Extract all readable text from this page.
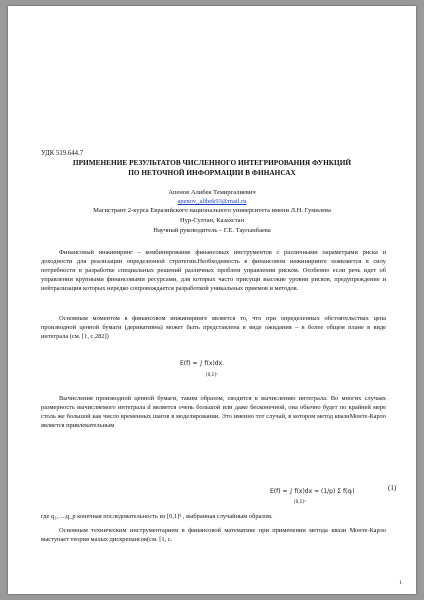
УДК 519.644.7
ПРИМЕНЕНИЕ РЕЗУЛЬТАТОВ ЧИСЛЕННОГО ИНТЕГРИРОВАНИЯ ФУНКЦИЙ
ПО НЕТОЧНОЙ ИНФОРМАЦИИ В ФИНАНСАХ
Апенов Алибек Темиргалиевич
apenov_alibek93@mail.ru
Магистрант 2-курса Евразийского национального университета имени Л.Н. Гумилева
Нур-Султан, Казахстан
Научный руководитель – Г.Е. Таугынбаева
Финансовый инжиниринг – комбинирование финансовых инструментов с различными параметрами риска и доходности для реализации определенной стратегии.Необходимость в финансовом инжиниринге появляется в силу потребности в разработке специальных решений различных проблем управления риском. Особенно если речь идет об управлении крупными финансовыми ресурсами, для которых часто присущи высокие уровни рисков, предупреждение и нейтрализация которых нередко сопровождается разработкой уникальных приемов и методов.
Основным моментом в финансовом инжиниринге является то, что при определенных обстоятельствах цена производной ценной бумаги (деривативна) может быть представлена в виде ожидания – в более общем плане в виде интеграла (см. [1, с.282])
E(f) = ∫ f(x)dx.
[0,1]ᵈ
Вычисления производной ценной бумаги, таким образом, сводится к вычислению интеграла. Во многих случаях размерность вычисляемого интеграла d является очень большой или даже бесконечной, она обычно будет по крайней мере столь же большой как число временных шагов в моделировании. Это именно тот случай, в котором метод квазиМонте-Карло является привлекательным
E(f) = ∫ f(x)dx ≈ (1/p) Σ f(qᵢ)
[0,1]ᵈ
(1)
где q₁,…,q_p конечная последовательность из [0,1]ᵈ , выбранная случайным образом.
Основным техническим инструментарием в финансовой математике при применении метода квази Монте-Карло выступает теория малых дискрепансов(см. [1, с.
1
